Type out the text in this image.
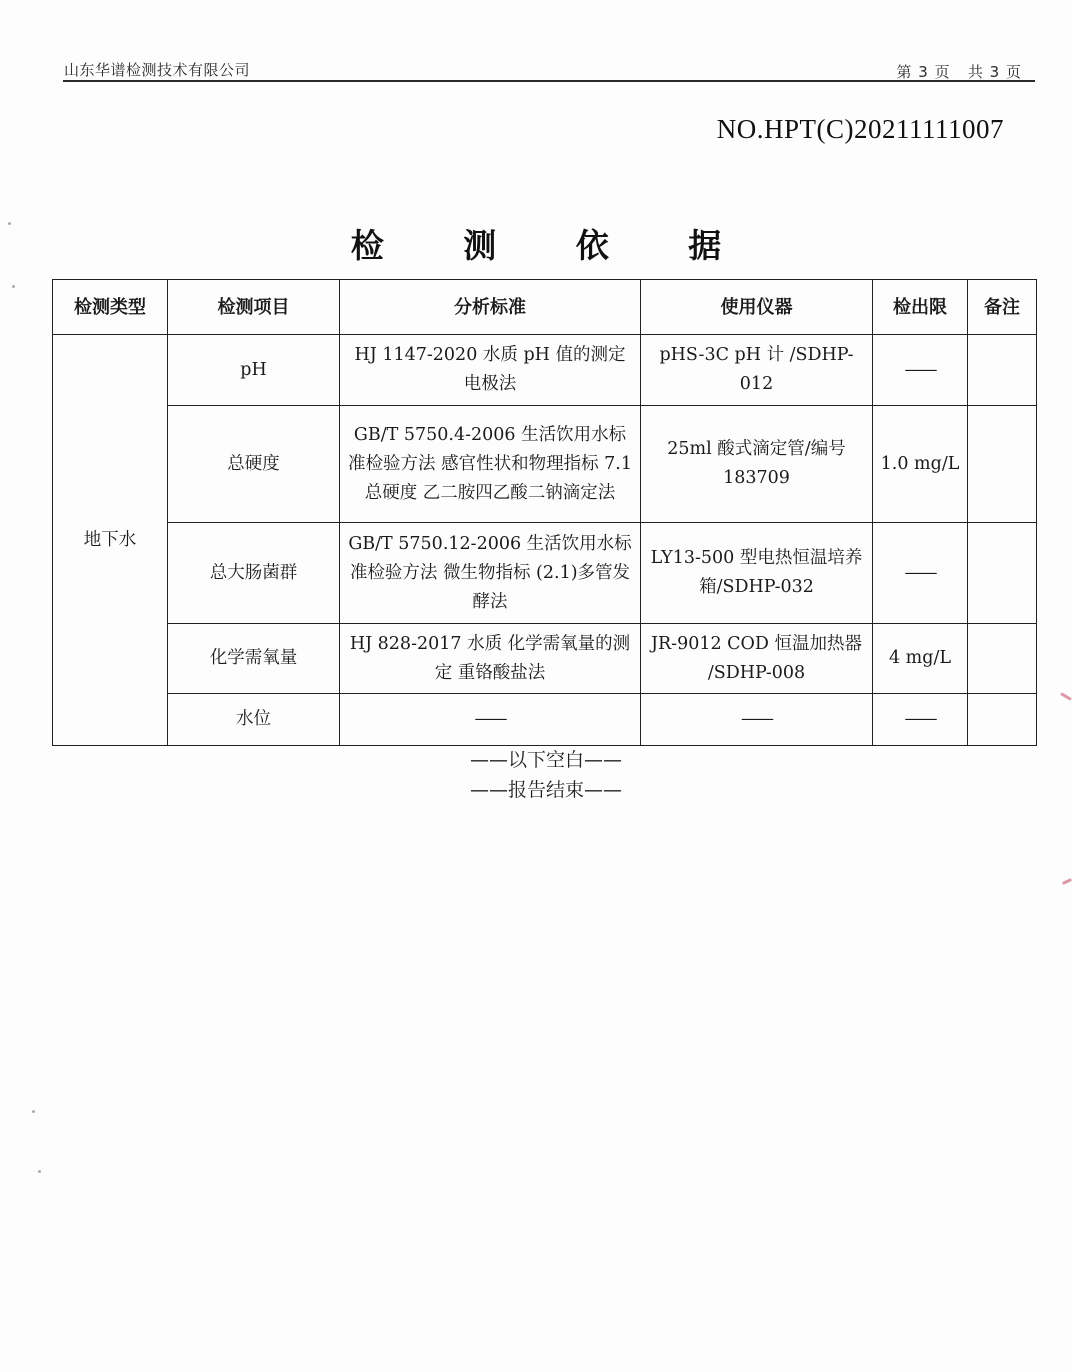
山东华谱检测技术有限公司	第 3 页   共 3 页
NO.HPT(C)20211111007
检 测 依 据
检测类型	检测项目	分析标准	使用仪器	检出限	备注
地下水	pH	HJ 1147-2020 水质 pH 值的测定 电极法	pHS-3C pH 计 /SDHP-012	——	
	总硬度	GB/T 5750.4-2006 生活饮用水标准检验方法 感官性状和物理指标 7.1 总硬度 乙二胺四乙酸二钠滴定法	25ml 酸式滴定管/编号 183709	1.0 mg/L	
	总大肠菌群	GB/T 5750.12-2006 生活饮用水标准检验方法 微生物指标 (2.1)多管发酵法	LY13-500 型电热恒温培养箱/SDHP-032	——	
	化学需氧量	HJ 828-2017 水质 化学需氧量的测定 重铬酸盐法	JR-9012 COD 恒温加热器 /SDHP-008	4 mg/L	
	水位	——	——	——	
——以下空白——
——报告结束——
